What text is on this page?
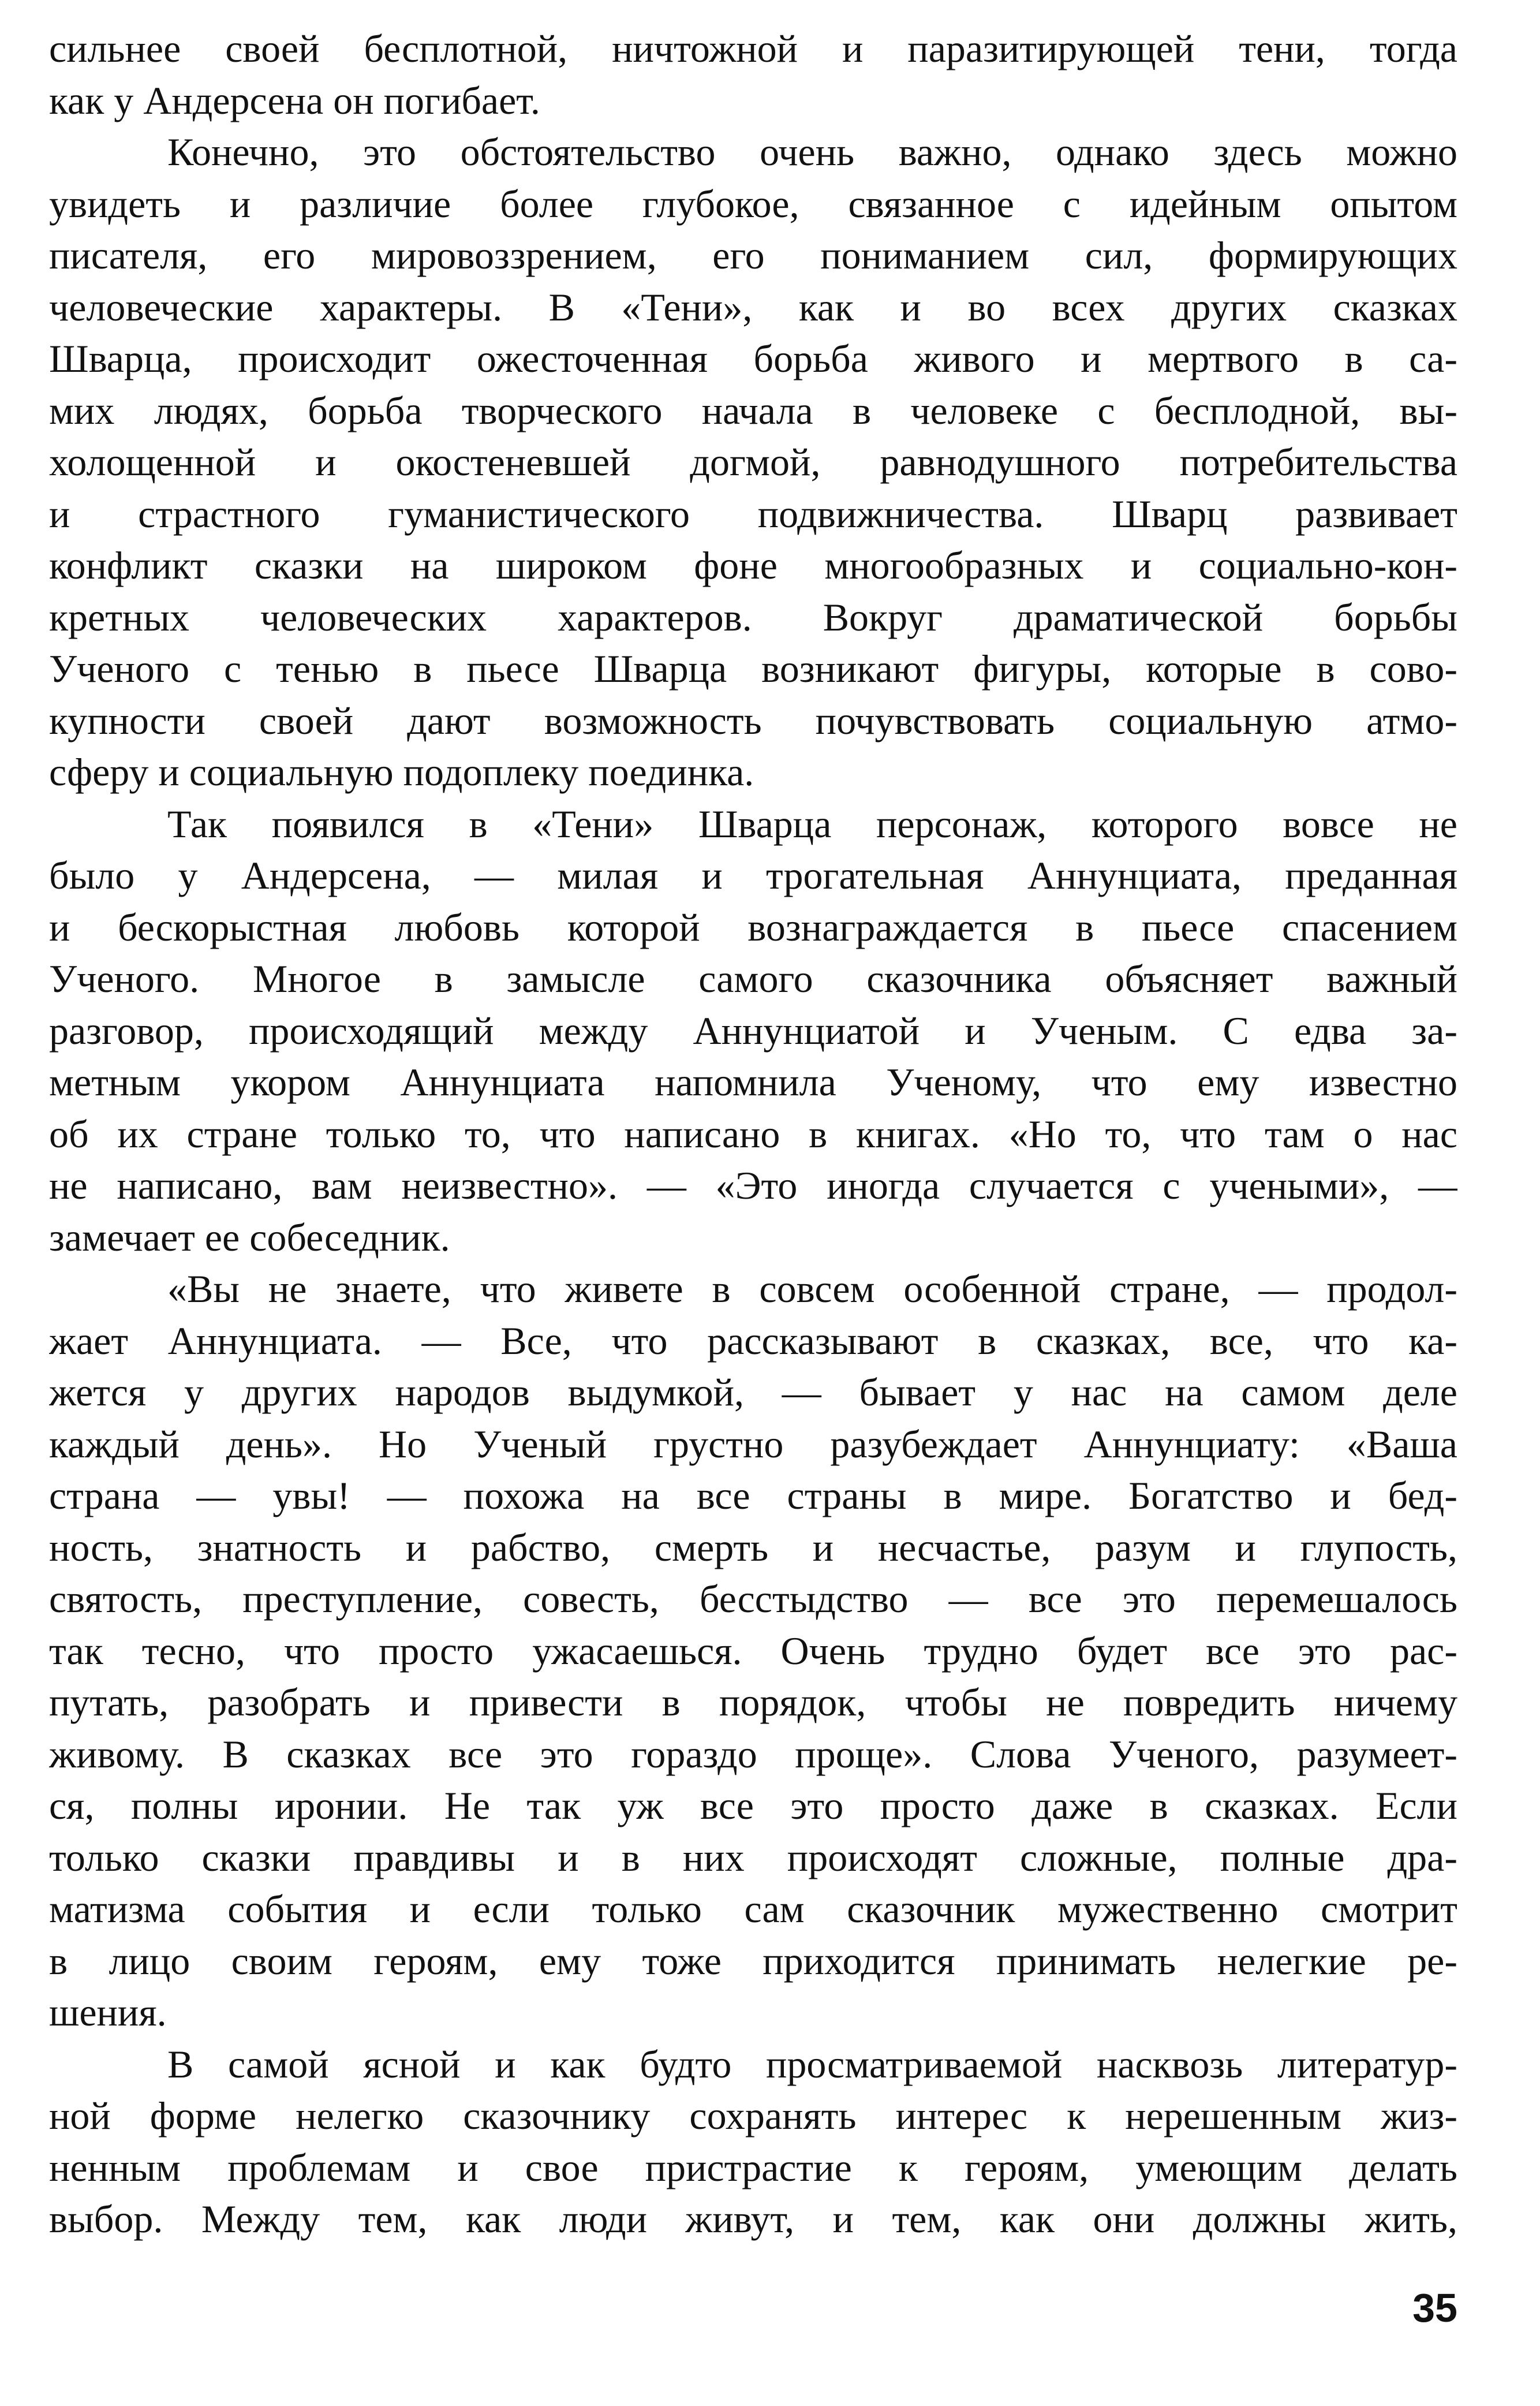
сильнее своей бесплотной, ничтожной и паразитирующей тени, тогда
как у Андерсена он погибает.
Конечно, это обстоятельство очень важно, однако здесь можно
увидеть и различие более глубокое, связанное с идейным опытом
писателя, его мировоззрением, его пониманием сил, формирующих
человеческие характеры. В «Тени», как и во всех других сказках
Шварца, происходит ожесточенная борьба живого и мертвого в са-
мих людях, борьба творческого начала в человеке с бесплодной, вы-
холощенной и окостеневшей догмой, равнодушного потребительства
и страстного гуманистического подвижничества. Шварц развивает
конфликт сказки на широком фоне многообразных и социально-кон-
кретных человеческих характеров. Вокруг драматической борьбы
Ученого с тенью в пьесе Шварца возникают фигуры, которые в сово-
купности своей дают возможность почувствовать социальную атмо-
сферу и социальную подоплеку поединка.
Так появился в «Тени» Шварца персонаж, которого вовсе не
было у Андерсена, — милая и трогательная Аннунциата, преданная
и бескорыстная любовь которой вознаграждается в пьесе спасением
Ученого. Многое в замысле самого сказочника объясняет важный
разговор, происходящий между Аннунциатой и Ученым. С едва за-
метным укором Аннунциата напомнила Ученому, что ему известно
об их стране только то, что написано в книгах. «Но то, что там о нас
не написано, вам неизвестно». — «Это иногда случается с учеными», —
замечает ее собеседник.
«Вы не знаете, что живете в совсем особенной стране, — продол-
жает Аннунциата. — Все, что рассказывают в сказках, все, что ка-
жется у других народов выдумкой, — бывает у нас на самом деле
каждый день». Но Ученый грустно разубеждает Аннунциату: «Ваша
страна — увы! — похожа на все страны в мире. Богатство и бед-
ность, знатность и рабство, смерть и несчастье, разум и глупость,
святость, преступление, совесть, бесстыдство — все это перемешалось
так тесно, что просто ужасаешься. Очень трудно будет все это рас-
путать, разобрать и привести в порядок, чтобы не повредить ничему
живому. В сказках все это гораздо проще». Слова Ученого, разумеет-
ся, полны иронии. Не так уж все это просто даже в сказках. Если
только сказки правдивы и в них происходят сложные, полные дра-
матизма события и если только сам сказочник мужественно смотрит
в лицо своим героям, ему тоже приходится принимать нелегкие ре-
шения.
В самой ясной и как будто просматриваемой насквозь литератур-
ной форме нелегко сказочнику сохранять интерес к нерешенным жиз-
ненным проблемам и свое пристрастие к героям, умеющим делать
выбор. Между тем, как люди живут, и тем, как они должны жить,
35
